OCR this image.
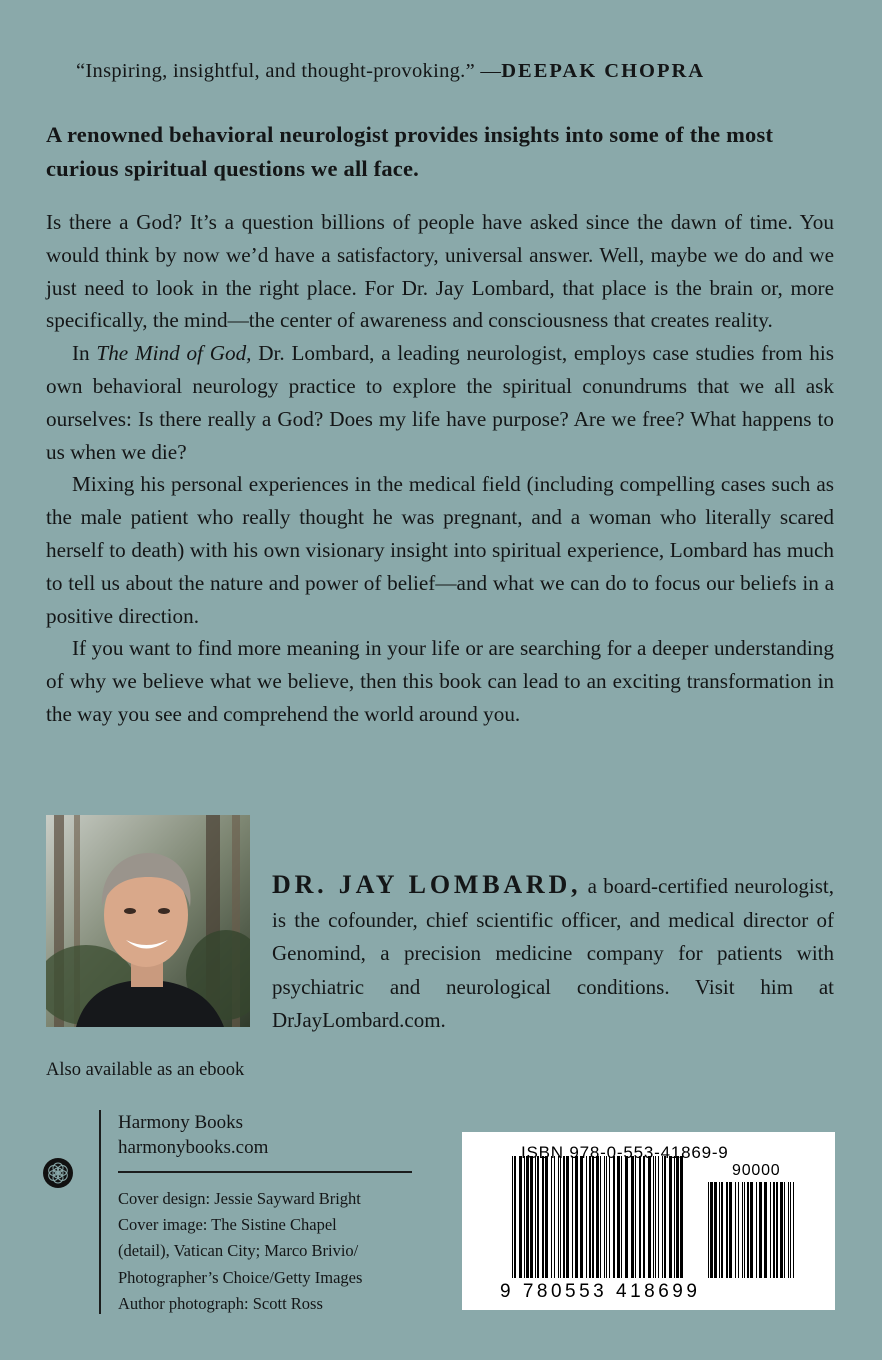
“Inspiring, insightful, and thought-provoking.” —DEEPAK CHOPRA
A renowned behavioral neurologist provides insights into some of the most curious spiritual questions we all face.

Is there a God? It’s a question billions of people have asked since the dawn of time. You would think by now we’d have a satisfactory, universal answer. Well, maybe we do and we just need to look in the right place. For Dr. Jay Lombard, that place is the brain or, more specifically, the mind—the center of awareness and consciousness that creates reality.

In The Mind of God, Dr. Lombard, a leading neurologist, employs case studies from his own behavioral neurology practice to explore the spiritual conundrums that we all ask ourselves: Is there really a God? Does my life have purpose? Are we free? What happens to us when we die?

Mixing his personal experiences in the medical field (including compelling cases such as the male patient who really thought he was pregnant, and a woman who literally scared herself to death) with his own visionary insight into spiritual experience, Lombard has much to tell us about the nature and power of belief—and what we can do to focus our beliefs in a positive direction.

If you want to find more meaning in your life or are searching for a deeper understanding of why we believe what we believe, then this book can lead to an exciting transformation in the way you see and comprehend the world around you.

DR. JAY LOMBARD, a board-certified neurologist, is the cofounder, chief scientific officer, and medical director of Genomind, a precision medicine company for patients with psychiatric and neurological conditions. Visit him at DrJayLombard.com.
Also available as an ebook
Harmony Books
harmonybooks.com
Cover design: Jessie Sayward Bright
Cover image: The Sistine Chapel
(detail), Vatican City; Marco Brivio/
Photographer’s Choice/Getty Images
Author photograph: Scott Ross
ISBN 978-0-553-41869-9
90000
9 780553 418699
